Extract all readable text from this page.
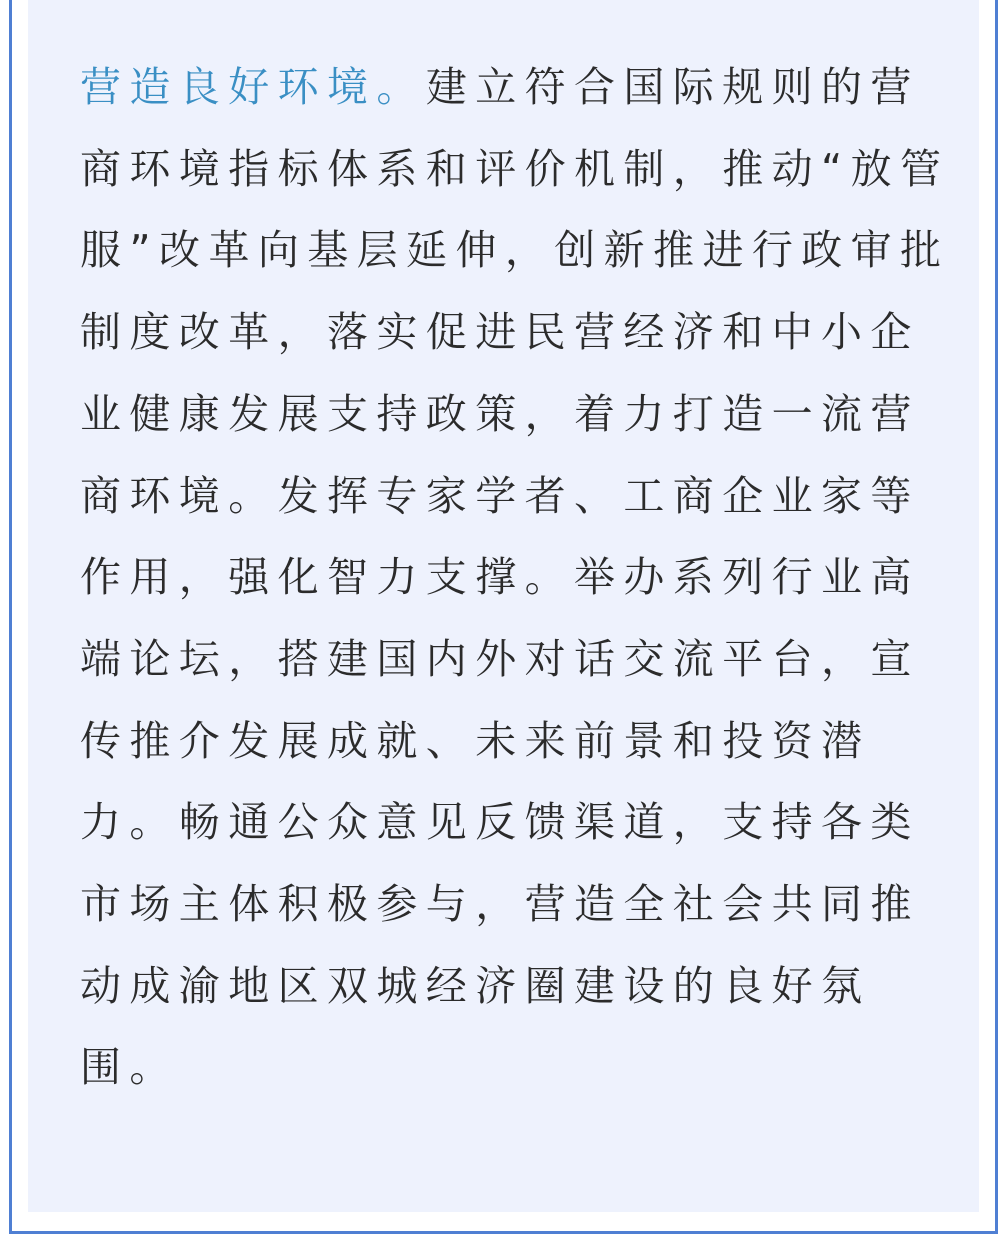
营造良好环境。建立符合国际规则的营
商环境指标体系和评价机制，推动“放管
服”改革向基层延伸，创新推进行政审批
制度改革，落实促进民营经济和中小企
业健康发展支持政策，着力打造一流营
商环境。发挥专家学者、工商企业家等
作用，强化智力支撑。举办系列行业高
端论坛，搭建国内外对话交流平台，宣
传推介发展成就、未来前景和投资潜
力。畅通公众意见反馈渠道，支持各类
市场主体积极参与，营造全社会共同推
动成渝地区双城经济圈建设的良好氛
围。
